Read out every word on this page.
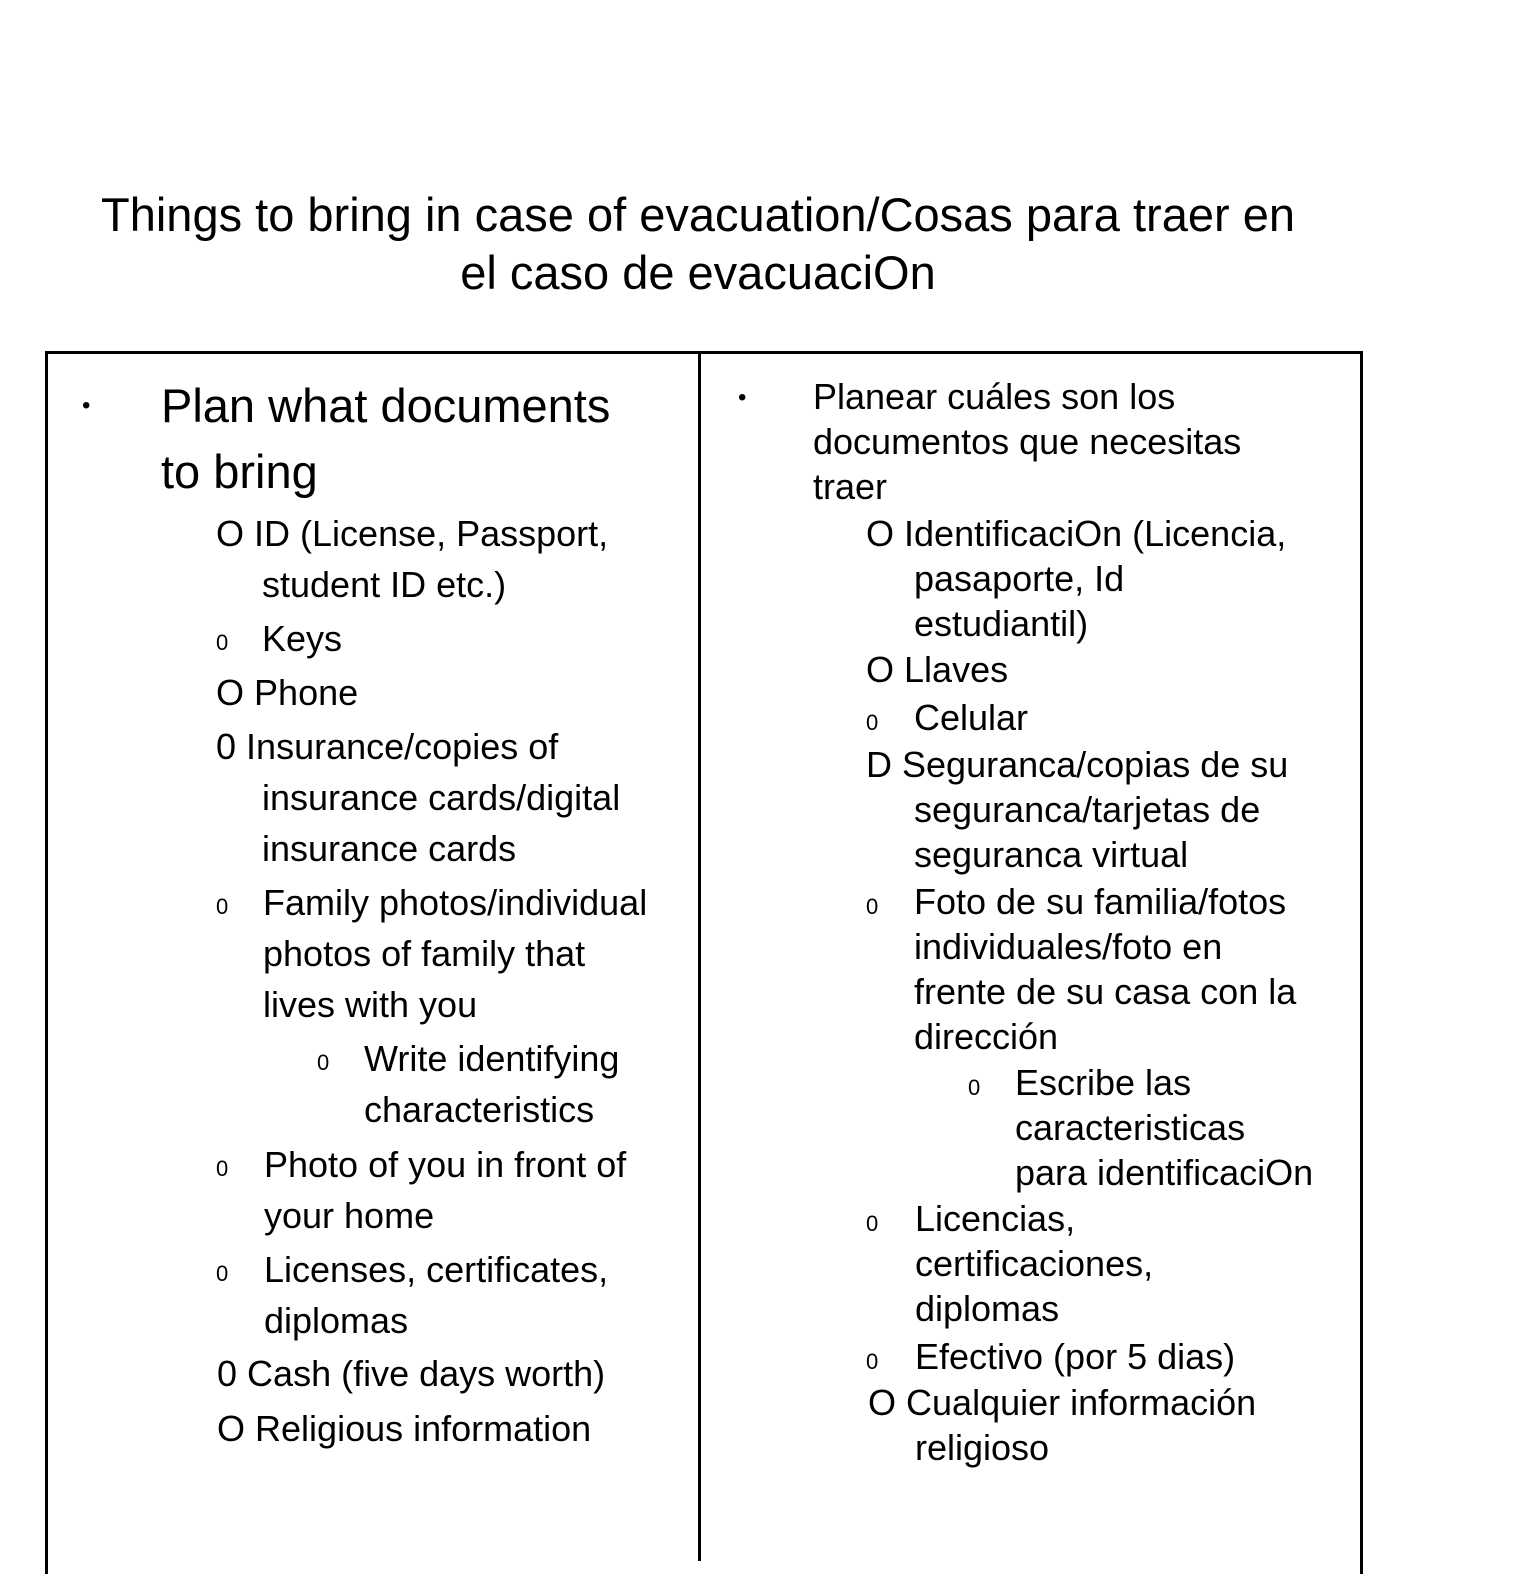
Things to bring in case of evacuation/Cosas para traer en
el caso de evacuaciOn
• Plan what documents
to bring
O ID (License, Passport,
student ID etc.)
0 Keys
O Phone
0 Insurance/copies of
insurance cards/digital
insurance cards
0 Family photos/individual
photos of family that
lives with you
0 Write identifying
characteristics
0 Photo of you in front of
your home
0 Licenses, certificates,
diplomas
0 Cash (five days worth)
O Religious information
• Planear cuáles son los
documentos que necesitas
traer
O IdentificaciOn (Licencia,
pasaporte, Id
estudiantil)
O Llaves
0 Celular
D Seguranca/copias de su
seguranca/tarjetas de
seguranca virtual
0 Foto de su familia/fotos
individuales/foto en
frente de su casa con la
dirección
0 Escribe las
caracteristicas
para identificaciOn
0 Licencias,
certificaciones,
diplomas
0 Efectivo (por 5 dias)
O Cualquier información
religioso
